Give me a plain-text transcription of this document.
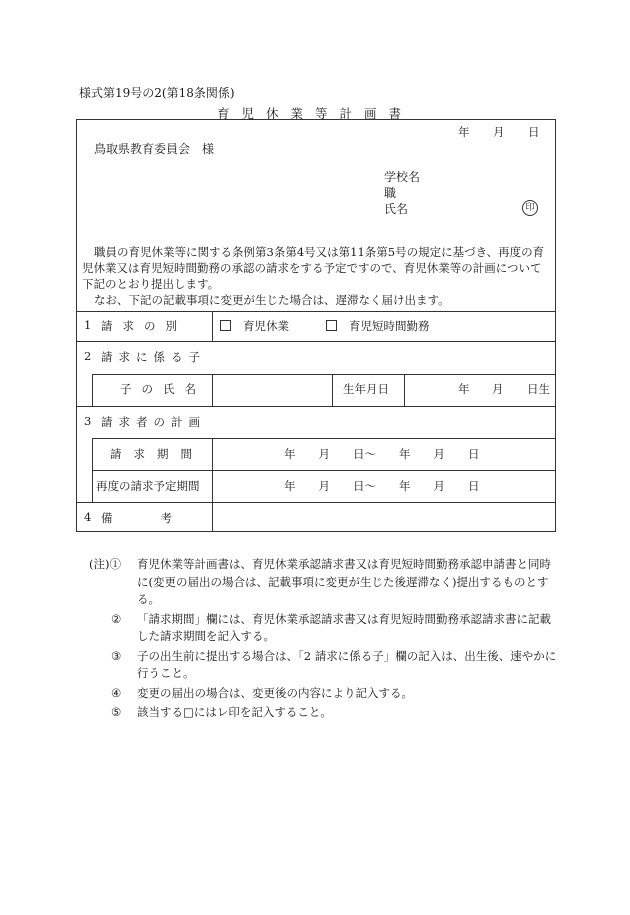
様式第19号の2(第18条関係)
育児休業等計画書
年 月 日
鳥取県教育委員会　様
学校名
職
氏名	印

職員の育児休業等に関する条例第3条第4号又は第11条第5号の規定に基づき、再度の育児休業又は育児短時間勤務の承認の請求をする予定ですので、育児休業等の計画について下記のとおり提出します。

なお、下記の記載事項に変更が生じた場合は、遅滞なく届け出ます。

1 請求の別	育児休業	育児短時間勤務
2 請求に係る子
子の氏名	生年月日	年 月 日生
3 請求者の計画
請求期間	年　　月　　日～　　年　　月　　日
再度の請求予定期間	年　　月　　日～　　年　　月　　日
4 備考
(注)①	育児休業等計画書は、育児休業承認請求書又は育児短時間勤務承認申請書と同時に(変更の届出の場合は、記載事項に変更が生じた後遅滞なく)提出するものとする。
②	「請求期間」欄には、育児休業承認請求書又は育児短時間勤務承認請求書に記載した請求期間を記入する。
③	子の出生前に提出する場合は、「2 請求に係る子」欄の記入は、出生後、速やかに行うこと。
④	変更の届出の場合は、変更後の内容により記入する。
⑤	該当する□にはレ印を記入すること。
